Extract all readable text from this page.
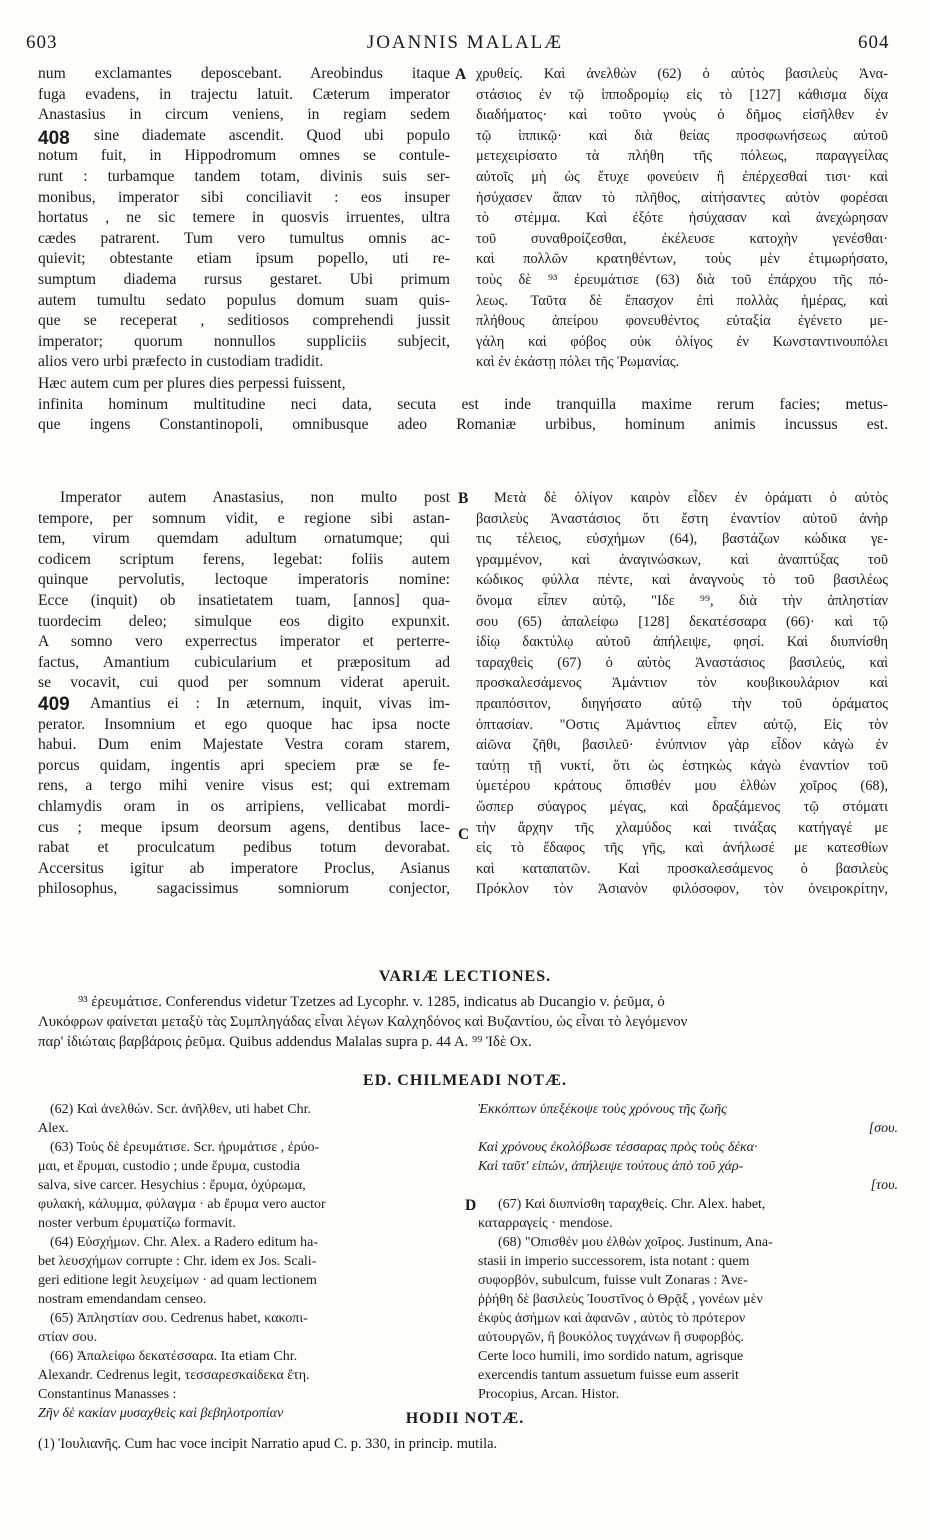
603	JOANNIS MALALÆ	604
num exclamantes deposcebant. Areobindus itaque
fuga evadens, in trajectu latuit. Cæterum imperator
Anastasius in circum veniens, in regiam sedem
sine diademate ascendit. Quod ubi populo
notum fuit, in Hippodromum omnes se contule-
runt : turbamque tandem totam, divinis suis ser-
monibus, imperator sibi conciliavit : eos insuper
hortatus , ne sic temere in quosvis irruentes, ultra
cædes patrarent. Tum vero tumultus omnis ac-
quievit; obtestante etiam ipsum popello, uti re-
sumptum diadema rursus gestaret. Ubi primum
autem tumultu sedato populus domum suam quis-
que se receperat , seditiosos comprehendi jussit
imperator; quorum nonnullos suppliciis subjecit,
alios vero urbi præfecto in custodiam tradidit.
χρυθείς. Καὶ ἀνελθὼν (62) ὁ αὐτὸς βασιλεὺς Ἀνα-
στάσιος ἐν τῷ ἱπποδρομίῳ εἰς τὸ [127] κάθισμα δίχα
διαδήματος· καὶ τοῦτο γνοὺς ὁ δῆμος εἰσῆλθεν ἐν
τῷ ἱππικῷ· καὶ διὰ θείας προσφωνήσεως αὐτοῦ
μετεχειρίσατο τὰ πλήθη τῆς πόλεως, παραγγείλας
αὐτοῖς μὴ ὡς ἔτυχε φονεύειν ἢ ἐπέρχεσθαί τισι· καὶ
ἡσύχασεν ἅπαν τὸ πλῆθος, αἰτήσαντες αὐτὸν φορέσαι
τὸ στέμμα. Καὶ ἐξότε ἡσύχασαν καὶ ἀνεχώρησαν
τοῦ συναθροίζεσθαι, ἐκέλευσε κατοχὴν γενέσθαι·
καὶ πολλῶν κρατηθέντων, τοὺς μὲν ἐτιμωρήσατο,
τοὺς δὲ ⁹³ ἐρευμάτισε (63) διὰ τοῦ ἐπάρχου τῆς πό-
λεως. Ταῦτα δὲ ἔπασχον ἐπὶ πολλὰς ἡμέρας, καὶ
πλήθους ἀπείρου φονευθέντος εὐταξία ἐγένετο με-
γάλη καὶ φόβος οὐκ ὀλίγος ἐν Κωνσταντινουπόλει
καὶ ἐν ἑκάστῃ πόλει τῆς Ῥωμανίας.
Hæc autem cum per plures dies perpessi fuissent,
infinita hominum multitudine neci data, secuta est inde tranquilla maxime rerum facies; metus-
que ingens Constantinopoli, omnibusque adeo Romaniæ urbibus, hominum animis incussus est.
Imperator autem Anastasius, non multo post
tempore, per somnum vidit, e regione sibi astan-
tem, virum quemdam adultum ornatumque; qui
codicem scriptum ferens, legebat: foliis autem
quinque pervolutis, lectoque imperatoris nomine:
Ecce (inquit) ob insatietatem tuam, [annos] qua-
tuordecim deleo; simulque eos digito expunxit.
A somno vero experrectus imperator et perterre-
factus, Amantium cubicularium et præpositum ad
se vocavit, cui quod per somnum viderat aperuit.
Amantius ei : In æternum, inquit, vivas im-
perator. Insomnium et ego quoque hac ipsa nocte
habui. Dum enim Majestate Vestra coram starem,
porcus quidam, ingentis apri speciem præ se fe-
rens, a tergo mihi venire visus est; qui extremam
chlamydis oram in os arripiens, vellicabat mordi-
cus ; meque ipsum deorsum agens, dentibus lace-
rabat et proculcatum pedibus totum devorabat.
Accersitus igitur ab imperatore Proclus, Asianus
philosophus, sagacissimus somniorum conjector,
Μετὰ δὲ ὀλίγον καιρὸν εἶδεν ἐν ὁράματι ὁ αὐτὸς
βασιλεὺς Ἀναστάσιος ὅτι ἔστη ἐναντίον αὐτοῦ ἀνὴρ
τις τέλειος, εὐσχήμων (64), βαστάζων κώδικα γε-
γραμμένον, καὶ ἀναγινώσκων, καὶ ἀναπτύξας τοῦ
κώδικος φύλλα πέντε, καὶ ἀναγνοὺς τὸ τοῦ βασιλέως
ὄνομα εἶπεν αὐτῷ, "Ιδε ⁹⁹, διὰ τὴν ἀπληστίαν
σου (65) ἀπαλείφω [128] δεκατέσσαρα (66)· καὶ τῷ
ἰδίῳ δακτύλῳ αὐτοῦ ἀπήλειψε, φησί. Καὶ διυπνίσθη
ταραχθεὶς (67) ὁ αὐτὸς Ἀναστάσιος βασιλεύς, καὶ
προσκαλεσάμενος Ἀμάντιον τὸν κουβικουλάριον καὶ
πραιπόσιτον, διηγήσατο αὐτῷ τὴν τοῦ ὁράματος
ὀπτασίαν. "Οστις Ἀμάντιος εἶπεν αὐτῷ, Εἰς τὸν
αἰῶνα ζῆθι, βασιλεῦ· ἐνύπνιον γὰρ εἶδον κἀγὼ ἐν
ταύτῃ τῇ νυκτί, ὅτι ὡς ἑστηκὼς κἀγὼ ἐναντίον τοῦ
ὑμετέρου κράτους ὄπισθέν μου ἐλθὼν χοῖρος (68),
ὥσπερ σύαγρος μέγας, καὶ δραξάμενος τῷ στόματι
τὴν ἄρχην τῆς χλαμύδος καὶ τινάξας κατήγαγέ με
εἰς τὸ ἔδαφος τῆς γῆς, καὶ ἀνήλωσέ με κατεσθίων
καὶ καταπατῶν. Καὶ προσκαλεσάμενος ὁ βασιλεὺς
Πρόκλον τὸν Ἀσιανὸν φιλόσοφον, τὸν ὀνειροκρίτην,
A
B
C
D
408
409
VARIÆ LECTIONES.
⁹³ ἐρευμάτισε. Conferendus videtur Tzetzes ad Lycophr. v. 1285, indicatus ab Ducangio v. ῥεῦμα, ὁ
Λυκόφρων φαίνεται μεταξὺ τὰς Συμπληγάδας εἶναι λέγων Καλχηδόνος καὶ Βυζαντίου, ὡς εἶναι τὸ λεγόμενον
παρ' ἰδιώταις βαρβάροις ῥεῦμα. Quibus addendus Malalas supra p. 44 A. ⁹⁹ Ἰδὲ Ox.
ED. CHILMEADI NOTÆ.
(62) Καὶ ἀνελθών. Scr. ἀνῆλθεν, uti habet Chr.
Alex.
(63) Τοὺς δὲ ἐρευμάτισε. Scr. ἠρυμάτισε , ἐρύο-
μαι, et ἔρυμαι, custodio ; unde ἔρυμα, custodia
salva, sive carcer. Hesychius : ἔρυμα, ὀχύρωμα,
φυλακή, κάλυμμα, φύλαγμα · ab ἔρυμα vero auctor
noster verbum ἐρυματίζω formavit.
(64) Εὐσχήμων. Chr. Alex. a Radero editum ha-
bet λευσχήμων corrupte : Chr. idem ex Jos. Scali-
geri editione legit λευχείμων · ad quam lectionem
nostram emendandam censeo.
(65) Ἀπληστίαν σου. Cedrenus habet, κακοπι-
στίαν σου.
(66) Ἀπαλείφω δεκατέσσαρα. Ita etiam Chr.
Alexandr. Cedrenus legit, τεσσαρεσκαίδεκα ἔτη.
Constantinus Manasses :
Ζῆν δὲ κακίαν μυσαχθεὶς καὶ βεβηλοτροπίαν
Ἐκκόπτων ὑπεξέκοψε τοὺς χρόνους τῆς ζωῆς
[σου.
Καὶ χρόνους ἐκολόβωσε τέσσαρας πρὸς τοὺς δέκα·
Καὶ ταῦτ' εἰπών, ἀπήλειψε τούτους ἀπὸ τοῦ χάρ-
[του.
(67) Καὶ διυπνίσθη ταραχθείς. Chr. Alex. habet,
καταρραγείς · mendose.
(68) "Οπισθέν μου ἐλθὼν χοῖρος. Justinum, Ana-
stasii in imperio successorem, ista notant : quem
συφορβόν, subulcum, fuisse vult Zonaras : Ἀνε-
ῤῥήθη δὲ βασιλεὺς Ἰουστῖνος ὁ Θρᾷξ , γονέων μὲν
ἐκφὺς ἀσήμων καὶ ἀφανῶν , αὐτὸς τὸ πρότερον
αὐτουργῶν, ἢ βουκόλος τυγχάνων ἢ συφορβός.
Certe loco humili, imo sordido natum, agrisque
exercendis tantum assuetum fuisse eum asserit
Procopius, Arcan. Histor.
HODII NOTÆ.
(1) Ἰουλιανῆς. Cum hac voce incipit Narratio apud C. p. 330, in princip. mutila.
